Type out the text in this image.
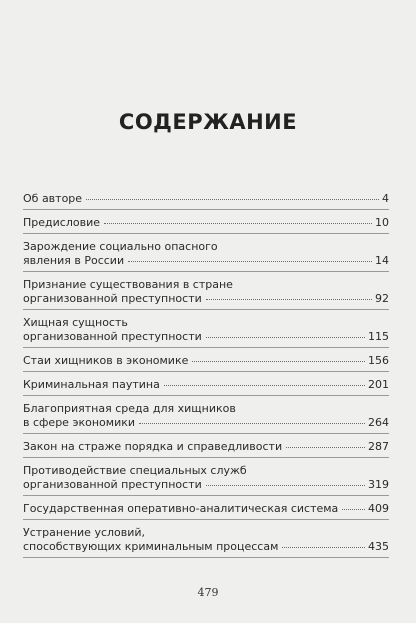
СОДЕРЖАНИЕ
Об авторе	4
Предисловие	10
Зарождение социально опасного
явления в России	14
Признание существования в стране
организованной преступности	92
Хищная сущность
организованной преступности	115
Стаи хищников в экономике	156
Криминальная паутина	201
Благоприятная среда для хищников
в сфере экономики	264
Закон на страже порядка и справедливости	287
Противодействие специальных служб
организованной преступности	319
Государственная оперативно-аналитическая система	409
Устранение условий,
способствующих криминальным процессам	435
479
